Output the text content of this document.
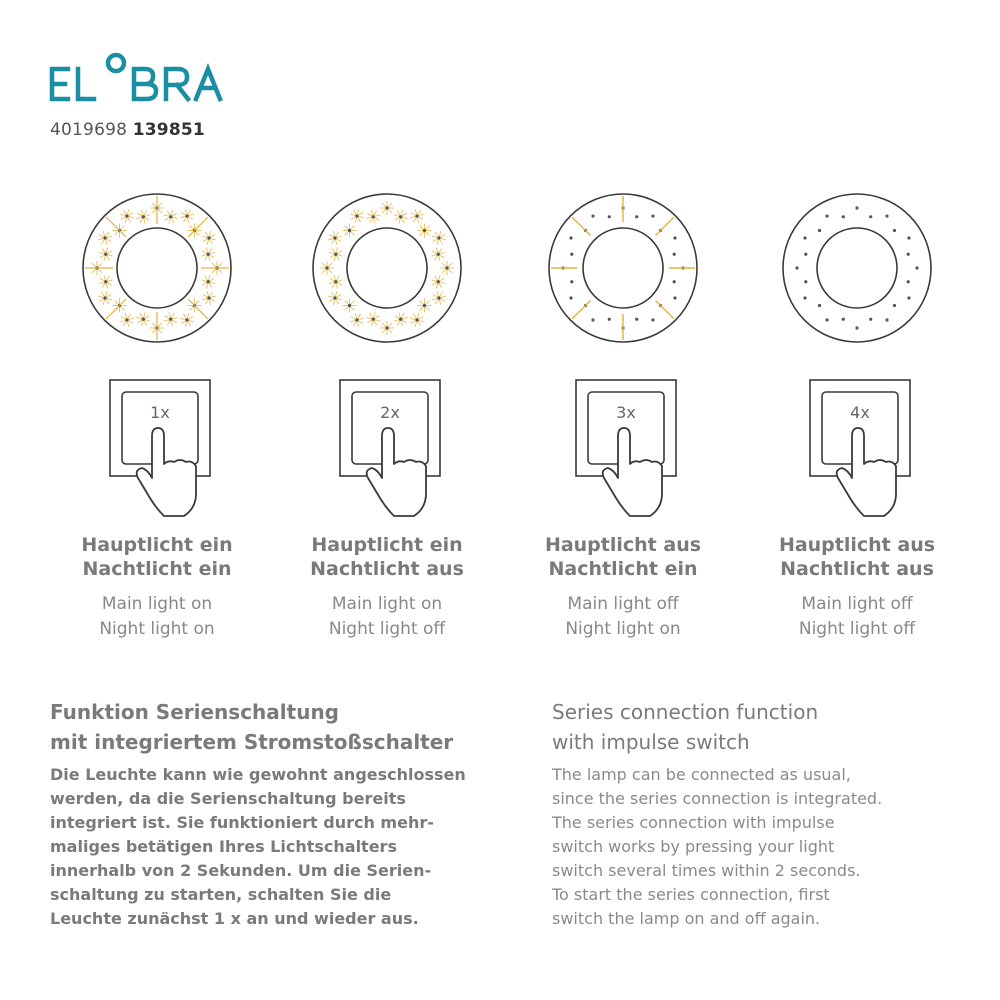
4019698 139851
1x
Hauptlicht ein
Nachtlicht ein
Main light on
Night light on
2x
Hauptlicht ein
Nachtlicht aus
Main light on
Night light off
3x
Hauptlicht aus
Nachtlicht ein
Main light off
Night light on
4x
Hauptlicht aus
Nachtlicht aus
Main light off
Night light off
Funktion Serienschaltung
mit integriertem Stromstoßschalter
Die Leuchte kann wie gewohnt angeschlossen
werden, da die Serienschaltung bereits
integriert ist. Sie funktioniert durch mehr-
maliges betätigen Ihres Lichtschalters
innerhalb von 2 Sekunden. Um die Serien-
schaltung zu starten, schalten Sie die
Leuchte zunächst 1 x an und wieder aus.
Series connection function
with impulse switch
The lamp can be connected as usual,
since the series connection is integrated.
The series connection with impulse
switch works by pressing your light
switch several times within 2 seconds.
To start the series connection, first
switch the lamp on and off again.
